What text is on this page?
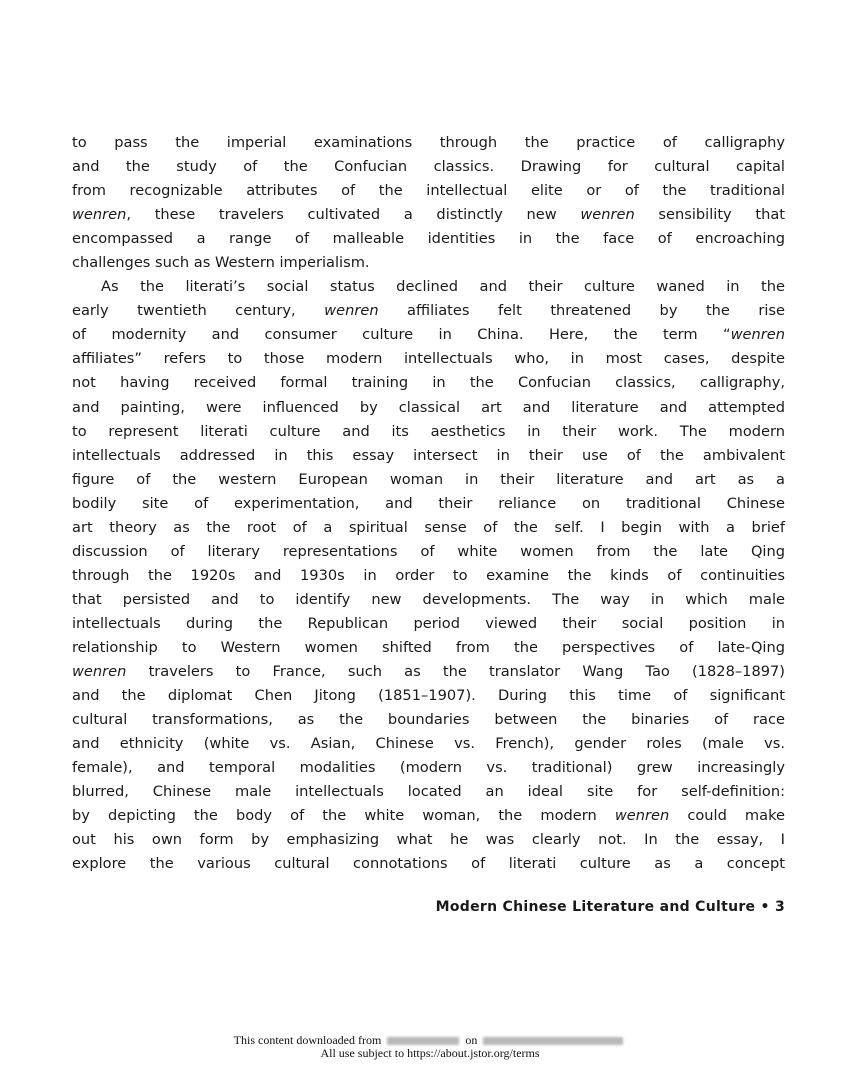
to pass the imperial examinations through the practice of calligraphy
and the study of the Confucian classics. Drawing for cultural capital
from recognizable attributes of the intellectual elite or of the traditional
wenren, these travelers cultivated a distinctly new wenren sensibility that
encompassed a range of malleable identities in the face of encroaching
challenges such as Western imperialism.
As the literati’s social status declined and their culture waned in the
early twentieth century, wenren affiliates felt threatened by the rise
of modernity and consumer culture in China. Here, the term “wenren
affiliates” refers to those modern intellectuals who, in most cases, despite
not having received formal training in the Confucian classics, calligraphy,
and painting, were influenced by classical art and literature and attempted
to represent literati culture and its aesthetics in their work. The modern
intellectuals addressed in this essay intersect in their use of the ambivalent
figure of the western European woman in their literature and art as a
bodily site of experimentation, and their reliance on traditional Chinese
art theory as the root of a spiritual sense of the self. I begin with a brief
discussion of literary representations of white women from the late Qing
through the 1920s and 1930s in order to examine the kinds of continuities
that persisted and to identify new developments. The way in which male
intellectuals during the Republican period viewed their social position in
relationship to Western women shifted from the perspectives of late-Qing
wenren travelers to France, such as the translator Wang Tao (1828–1897)
and the diplomat Chen Jitong (1851–1907). During this time of significant
cultural transformations, as the boundaries between the binaries of race
and ethnicity (white vs. Asian, Chinese vs. French), gender roles (male vs.
female), and temporal modalities (modern vs. traditional) grew increasingly
blurred, Chinese male intellectuals located an ideal site for self-definition:
by depicting the body of the white woman, the modern wenren could make
out his own form by emphasizing what he was clearly not. In the essay, I
explore the various cultural connotations of literati culture as a concept
Modern Chinese Literature and Culture • 3
This content downloaded from	on
All use subject to https://about.jstor.org/terms
